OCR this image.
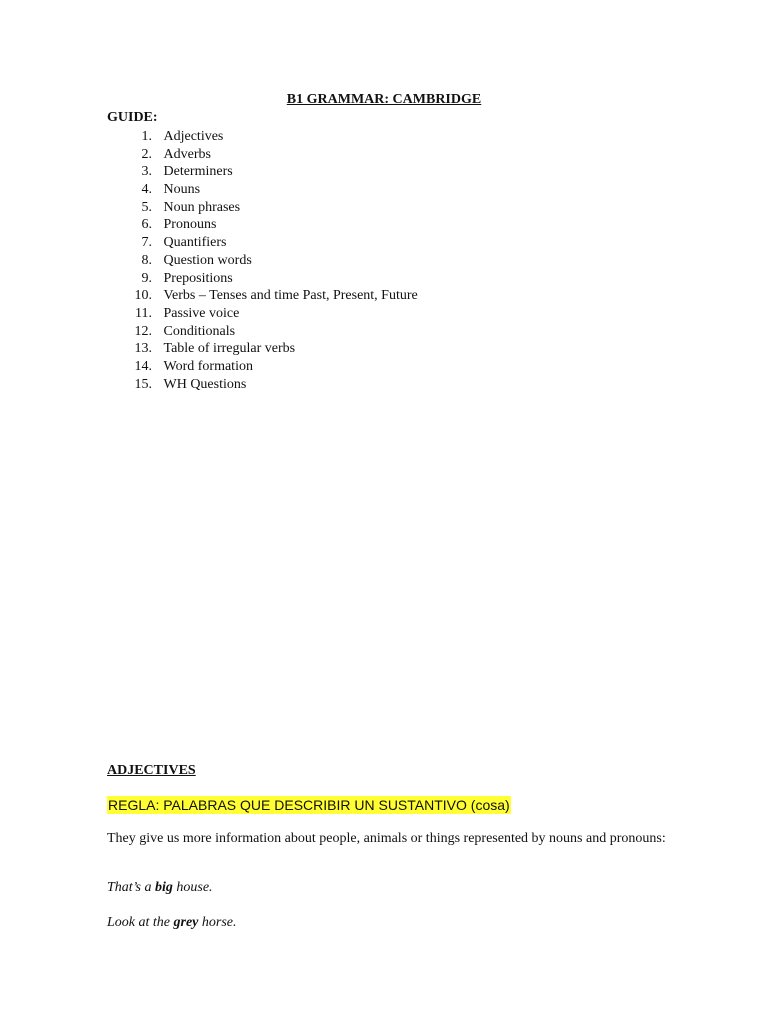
B1 GRAMMAR: CAMBRIDGE
GUIDE:
1. Adjectives
2. Adverbs
3. Determiners
4. Nouns
5. Noun phrases
6. Pronouns
7. Quantifiers
8. Question words
9. Prepositions
10. Verbs – Tenses and time Past, Present, Future
11. Passive voice
12. Conditionals
13. Table of irregular verbs
14. Word formation
15. WH Questions
ADJECTIVES
REGLA: PALABRAS QUE DESCRIBIR UN SUSTANTIVO (cosa)
They give us more information about people, animals or things represented by nouns and pronouns:
That’s a big house.
Look at the grey horse.
